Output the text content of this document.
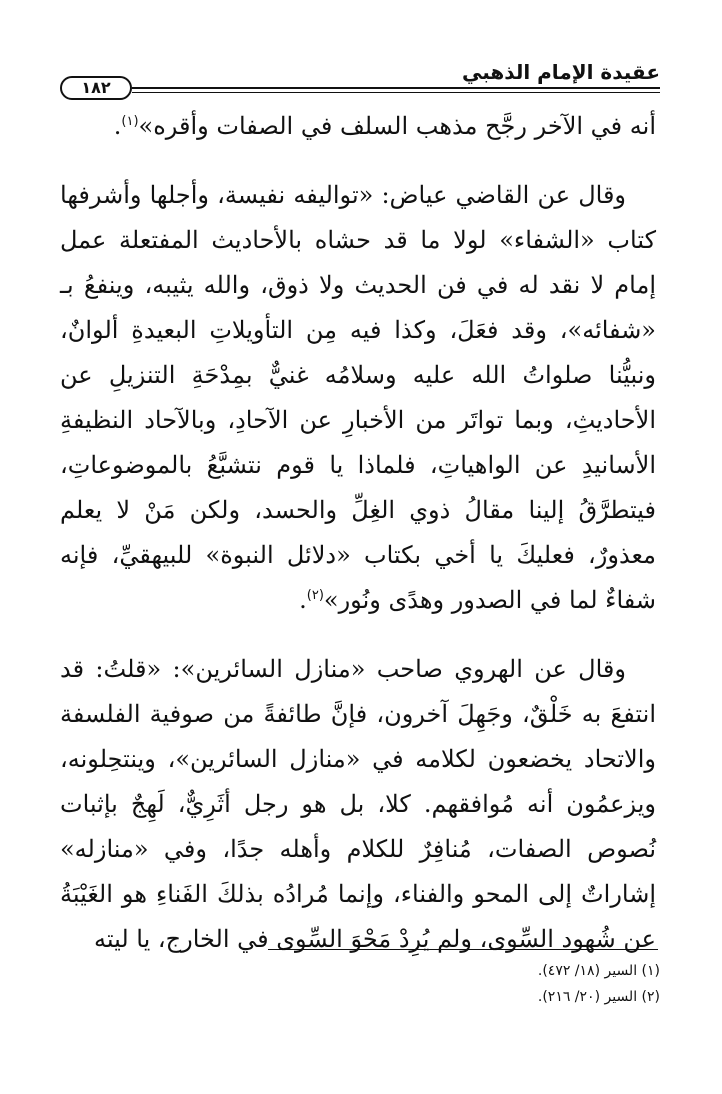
عقيدة الإمام الذهبي
١٨٢

أنه في الآخر رجَّح مذهب السلف في الصفات وأقره»$^{(١)}$.

وقال عن القاضي عياض: «تواليفه نفيسة، وأجلها وأشرفها كتاب «الشفاء» لولا ما قد حشاه بالأحاديث المفتعلة عمل إمام لا نقد له في فن الحديث ولا ذوق، والله يثيبه، وينفعُ بـ «شفائه»، وقد فعَلَ، وكذا فيه مِن التأويلاتِ البعيدةِ ألوانٌ، ونبيُّنا صلواتُ الله عليه وسلامُه غنيٌّ بمِدْحَةِ التنزيلِ عن الأحاديثِ، وبما تواتَر من الأخبارِ عن الآحادِ، وبالآحاد النظيفةِ الأسانيدِ عن الواهياتِ، فلماذا يا قوم نتشبَّعُ بالموضوعاتِ، فيتطرَّقُ إلينا مقالُ ذوي الغِلِّ والحسد، ولكن مَنْ لا يعلم معذورٌ، فعليكَ يا أخي بكتاب «دلائل النبوة» للبيهقيِّ، فإنه شفاءٌ لما في الصدور وهدًى ونُور»$^{(٢)}$.

وقال عن الهروي صاحب «منازل السائرين»: «قلتُ: قد انتفعَ به خَلْقٌ، وجَهِلَ آخرون، فإنَّ طائفةً من صوفية الفلسفة والاتحاد يخضعون لكلامه في «منازل السائرين»، وينتحِلونه، ويزعمُون أنه مُوافقهم. كلا، بل هو رجل أثَرِيٌّ، لَهِجٌ بإثبات نُصوص الصفات، مُنافِرٌ للكلام وأهله جدًا، وفي «منازله» إشاراتٌ إلى المحو والفناء، وإنما مُرادُه بذلكَ الفَناءِ هو الغَيْبَةُ عن شُهود السِّوى، ولم يُرِدْ مَحْوَ السِّوى في الخارج، يا ليته

(١) السير (١٨/ ٤٧٢).
(٢) السير (٢٠/ ٢١٦).
